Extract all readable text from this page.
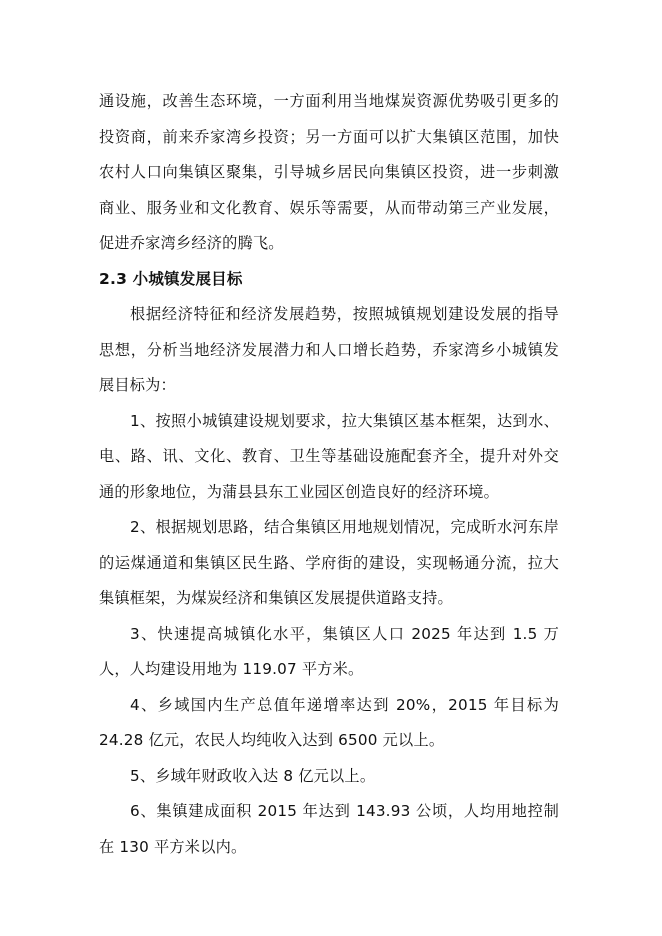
通设施，改善生态环境，一方面利用当地煤炭资源优势吸引更多的投资商，前来乔家湾乡投资；另一方面可以扩大集镇区范围，加快农村人口向集镇区聚集，引导城乡居民向集镇区投资，进一步刺激商业、服务业和文化教育、娱乐等需要，从而带动第三产业发展，促进乔家湾乡经济的腾飞。

2.3 小城镇发展目标

根据经济特征和经济发展趋势，按照城镇规划建设发展的指导思想，分析当地经济发展潜力和人口增长趋势，乔家湾乡小城镇发展目标为：

1、按照小城镇建设规划要求，拉大集镇区基本框架，达到水、电、路、讯、文化、教育、卫生等基础设施配套齐全，提升对外交通的形象地位，为蒲县县东工业园区创造良好的经济环境。

2、根据规划思路，结合集镇区用地规划情况，完成昕水河东岸的运煤通道和集镇区民生路、学府街的建设，实现畅通分流，拉大集镇框架，为煤炭经济和集镇区发展提供道路支持。

3、快速提高城镇化水平，集镇区人口 2025 年达到 1.5 万人，人均建设用地为 119.07 平方米。

4、乡域国内生产总值年递增率达到 20%，2015 年目标为 24.28 亿元，农民人均纯收入达到 6500 元以上。

5、乡域年财政收入达 8 亿元以上。

6、集镇建成面积 2015 年达到 143.93 公顷，人均用地控制在 130 平方米以内。
